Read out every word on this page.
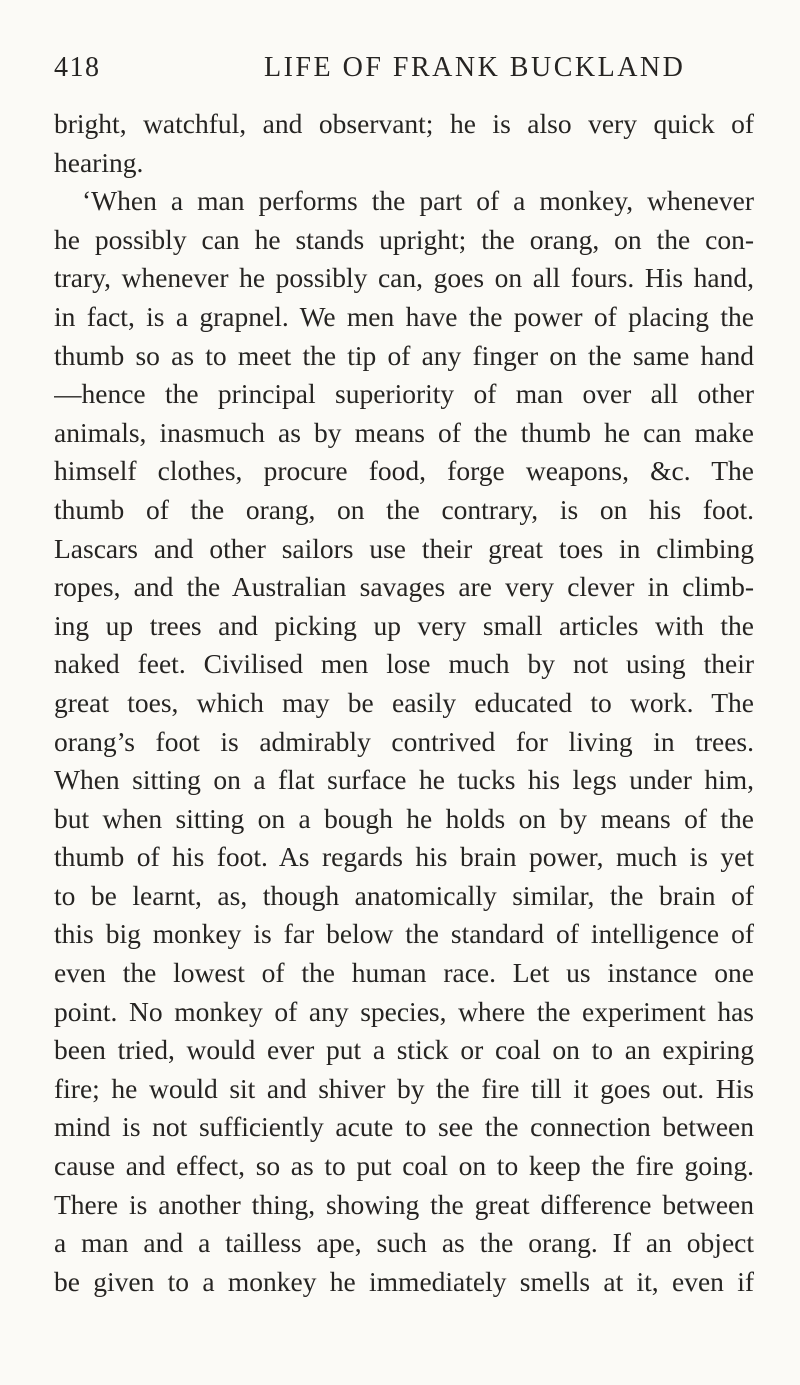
418	LIFE OF FRANK BUCKLAND
bright, watchful, and observant; he is also very quick of
hearing.
‘When a man performs the part of a monkey, whenever
he possibly can he stands upright; the orang, on the con-
trary, whenever he possibly can, goes on all fours. His hand,
in fact, is a grapnel. We men have the power of placing the
thumb so as to meet the tip of any finger on the same hand
—hence the principal superiority of man over all other
animals, inasmuch as by means of the thumb he can make
himself clothes, procure food, forge weapons, &c. The
thumb of the orang, on the contrary, is on his foot.
Lascars and other sailors use their great toes in climbing
ropes, and the Australian savages are very clever in climb-
ing up trees and picking up very small articles with the
naked feet. Civilised men lose much by not using their
great toes, which may be easily educated to work. The
orang’s foot is admirably contrived for living in trees.
When sitting on a flat surface he tucks his legs under him,
but when sitting on a bough he holds on by means of the
thumb of his foot. As regards his brain power, much is yet
to be learnt, as, though anatomically similar, the brain of
this big monkey is far below the standard of intelligence of
even the lowest of the human race. Let us instance one
point. No monkey of any species, where the experiment has
been tried, would ever put a stick or coal on to an expiring
fire; he would sit and shiver by the fire till it goes out. His
mind is not sufficiently acute to see the connection between
cause and effect, so as to put coal on to keep the fire going.
There is another thing, showing the great difference between
a man and a tailless ape, such as the orang. If an object
be given to a monkey he immediately smells at it, even if
